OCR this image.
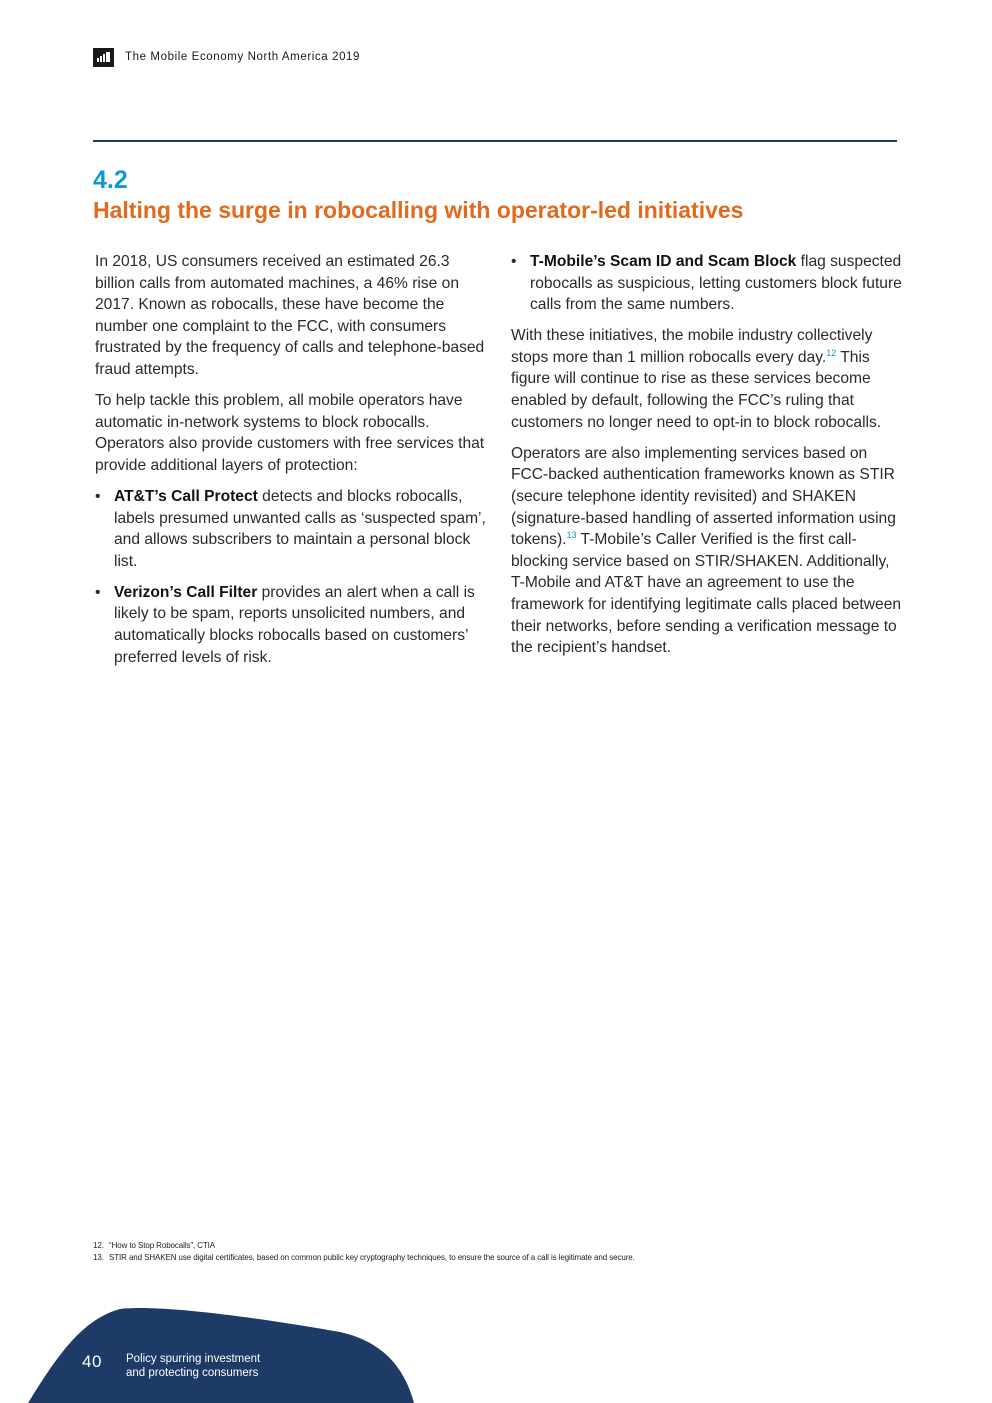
The Mobile Economy North America 2019
4.2
Halting the surge in robocalling with operator-led initiatives

In 2018, US consumers received an estimated 26.3 billion calls from automated machines, a 46% rise on 2017. Known as robocalls, these have become the number one complaint to the FCC, with consumers frustrated by the frequency of calls and telephone-based fraud attempts.

To help tackle this problem, all mobile operators have automatic in-network systems to block robocalls. Operators also provide customers with free services that provide additional layers of protection:

• AT&T’s Call Protect detects and blocks robocalls, labels presumed unwanted calls as ‘suspected spam’, and allows subscribers to maintain a personal block list.
• Verizon’s Call Filter provides an alert when a call is likely to be spam, reports unsolicited numbers, and automatically blocks robocalls based on customers’ preferred levels of risk.
• T-Mobile’s Scam ID and Scam Block flag suspected robocalls as suspicious, letting customers block future calls from the same numbers.

With these initiatives, the mobile industry collectively stops more than 1 million robocalls every day.$^{12}$ This figure will continue to rise as these services become enabled by default, following the FCC’s ruling that customers no longer need to opt-in to block robocalls.

Operators are also implementing services based on FCC-backed authentication frameworks known as STIR (secure telephone identity revisited) and SHAKEN (signature-based handling of asserted information using tokens).$^{13}$ T-Mobile’s Caller Verified is the first call-blocking service based on STIR/SHAKEN. Additionally, T-Mobile and AT&T have an agreement to use the framework for identifying legitimate calls placed between their networks, before sending a verification message to the recipient’s handset.

12. “How to Stop Robocalls”, CTIA
13. STIR and SHAKEN use digital certificates, based on common public key cryptography techniques, to ensure the source of a call is legitimate and secure.
40 Policy spurring investment
and protecting consumers
